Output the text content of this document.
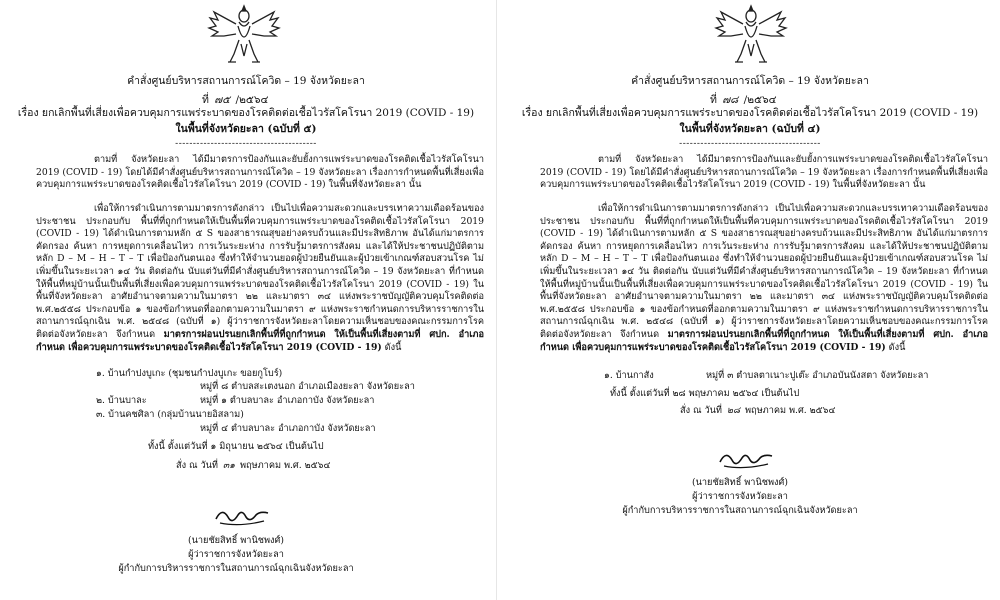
คำสั่งศูนย์บริหารสถานการณ์โควิด – 19 จังหวัดยะลา
ที่ ๗๕ /๒๕๖๔
เรื่อง ยกเลิกพื้นที่เสี่ยงเพื่อควบคุมการแพร่ระบาดของโรคติดต่อเชื้อไวรัสโคโรนา 2019 (COVID - 19)
ในพื้นที่จังหวัดยะลา (ฉบับที่ ๕)
----------------------------------------
ตามที่ จังหวัดยะลา ได้มีมาตรการป้องกันและยับยั้งการแพร่ระบาดของโรคติดเชื้อไวรัสโคโรนา 2019 (COVID - 19) โดยได้มีคำสั่งศูนย์บริหารสถานการณ์โควิด – 19 จังหวัดยะลา เรื่องการกำหนดพื้นที่เสี่ยงเพื่อควบคุมการแพร่ระบาดของโรคติดเชื้อไวรัสโคโรนา 2019 (COVID - 19) ในพื้นที่จังหวัดยะลา นั้น
เพื่อให้การดำเนินการตามมาตรการดังกล่าว เป็นไปเพื่อความสะดวกและบรรเทาความเดือดร้อนของประชาชน ประกอบกับ พื้นที่ที่ถูกกำหนดให้เป็นพื้นที่ควบคุมการแพร่ระบาดของโรคติดเชื้อไวรัสโคโรนา 2019 (COVID - 19) ได้ดำเนินการตามหลัก ๕ S ของสาธารณสุขอย่างครบถ้วนและมีประสิทธิภาพ อันได้แก่มาตรการคัดกรอง ค้นหา การหยุดการเคลื่อนไหว การเว้นระยะห่าง การรับรู้มาตรการสังคม และได้ให้ประชาชนปฏิบัติตามหลัก D – M – H – T – T เพื่อป้องกันตนเอง ซึ่งทำให้จำนวนยอดผู้ป่วยยืนยันและผู้ป่วยเข้าเกณฑ์สอบสวนโรค ไม่เพิ่มขึ้นในระยะเวลา ๑๔ วัน ติดต่อกัน นับแต่วันที่มีคำสั่งศูนย์บริหารสถานการณ์โควิด – 19 จังหวัดยะลา ที่กำหนดให้พื้นที่หมู่บ้านนั้นเป็นพื้นที่เสี่ยงเพื่อควบคุมการแพร่ระบาดของโรคติดเชื้อไวรัสโคโรนา 2019 (COVID - 19) ในพื้นที่จังหวัดยะลา อาศัยอำนาจตามความในมาตรา ๒๒ และมาตรา ๓๔ แห่งพระราชบัญญัติควบคุมโรคติดต่อ พ.ศ.๒๕๕๘ ประกอบข้อ ๑ ของข้อกำหนดที่ออกตามความในมาตรา ๙ แห่งพระราชกำหนดการบริหารราชการในสถานการณ์ฉุกเฉิน พ.ศ. ๒๕๔๘ (ฉบับที่ ๑) ผู้ว่าราชการจังหวัดยะลาโดยความเห็นชอบของคณะกรรมการโรคติดต่อจังหวัดยะลา จึงกำหนด มาตรการผ่อนปรนยกเลิกพื้นที่ที่ถูกกำหนด ให้เป็นพื้นที่เสี่ยงตามที่ ศปก. อำเภอกำหนด เพื่อควบคุมการแพร่ระบาดของโรคติดเชื้อไวรัสโคโรนา 2019 (COVID - 19) ดังนี้
๑. บ้านกำปงบูเกะ (ชุมชนกำปงบูเกะ ขอยกูโบร์)
หมู่ที่ ๘ ตำบลสะเตงนอก อำเภอเมืองยะลา จังหวัดยะลา
๒. บ้านบาละ	หมู่ที่ ๑ ตำบลบาละ อำเภอกาบัง จังหวัดยะลา
๓. บ้านคชศิลา (กลุ่มบ้านนายอิสลาม)
หมู่ที่ ๔ ตำบลบาละ อำเภอกาบัง จังหวัดยะลา
ทั้งนี้ ตั้งแต่วันที่ ๑ มิถุนายน ๒๕๖๔ เป็นต้นไป
สั่ง ณ วันที่ ๓๑ พฤษภาคม พ.ศ. ๒๕๖๔
(นายชัยสิทธิ์ พานิชพงศ์)
ผู้ว่าราชการจังหวัดยะลา
ผู้กำกับการบริหารราชการในสถานการณ์ฉุกเฉินจังหวัดยะลา
คำสั่งศูนย์บริหารสถานการณ์โควิด – 19 จังหวัดยะลา
ที่ ๗๘ /๒๕๖๔
เรื่อง ยกเลิกพื้นที่เสี่ยงเพื่อควบคุมการแพร่ระบาดของโรคติดต่อเชื้อไวรัสโคโรนา 2019 (COVID - 19)
ในพื้นที่จังหวัดยะลา (ฉบับที่ ๔)
----------------------------------------
ตามที่ จังหวัดยะลา ได้มีมาตรการป้องกันและยับยั้งการแพร่ระบาดของโรคติดเชื้อไวรัสโคโรนา 2019 (COVID - 19) โดยได้มีคำสั่งศูนย์บริหารสถานการณ์โควิด – 19 จังหวัดยะลา เรื่องการกำหนดพื้นที่เสี่ยงเพื่อควบคุมการแพร่ระบาดของโรคติดเชื้อไวรัสโคโรนา 2019 (COVID - 19) ในพื้นที่จังหวัดยะลา นั้น
เพื่อให้การดำเนินการตามมาตรการดังกล่าว เป็นไปเพื่อความสะดวกและบรรเทาความเดือดร้อนของประชาชน ประกอบกับ พื้นที่ที่ถูกกำหนดให้เป็นพื้นที่ควบคุมการแพร่ระบาดของโรคติดเชื้อไวรัสโคโรนา 2019 (COVID - 19) ได้ดำเนินการตามหลัก ๕ S ของสาธารณสุขอย่างครบถ้วนและมีประสิทธิภาพ อันได้แก่มาตรการคัดกรอง ค้นหา การหยุดการเคลื่อนไหว การเว้นระยะห่าง การรับรู้มาตรการสังคม และได้ให้ประชาชนปฏิบัติตามหลัก D – M – H – T – T เพื่อป้องกันตนเอง ซึ่งทำให้จำนวนยอดผู้ป่วยยืนยันและผู้ป่วยเข้าเกณฑ์สอบสวนโรค ไม่เพิ่มขึ้นในระยะเวลา ๑๔ วัน ติดต่อกัน นับแต่วันที่มีคำสั่งศูนย์บริหารสถานการณ์โควิด – 19 จังหวัดยะลา ที่กำหนดให้พื้นที่หมู่บ้านนั้นเป็นพื้นที่เสี่ยงเพื่อควบคุมการแพร่ระบาดของโรคติดเชื้อไวรัสโคโรนา 2019 (COVID - 19) ในพื้นที่จังหวัดยะลา อาศัยอำนาจตามความในมาตรา ๒๒ และมาตรา ๓๔ แห่งพระราชบัญญัติควบคุมโรคติดต่อ พ.ศ.๒๕๕๘ ประกอบข้อ ๑ ของข้อกำหนดที่ออกตามความในมาตรา ๙ แห่งพระราชกำหนดการบริหารราชการในสถานการณ์ฉุกเฉิน พ.ศ. ๒๕๔๘ (ฉบับที่ ๑) ผู้ว่าราชการจังหวัดยะลาโดยความเห็นชอบของคณะกรรมการโรคติดต่อจังหวัดยะลา จึงกำหนด มาตรการผ่อนปรนยกเลิกพื้นที่ที่ถูกกำหนด ให้เป็นพื้นที่เสี่ยงตามที่ ศปก. อำเภอกำหนด เพื่อควบคุมการแพร่ระบาดของโรคติดเชื้อไวรัสโคโรนา 2019 (COVID - 19) ดังนี้
๑. บ้านกาสัง	หมู่ที่ ๓ ตำบลตาเนาะปูเต๊ะ อำเภอบันนังสตา จังหวัดยะลา
ทั้งนี้ ตั้งแต่วันที่ ๒๘ พฤษภาคม ๒๕๖๔ เป็นต้นไป
สั่ง ณ วันที่ ๒๘ พฤษภาคม พ.ศ. ๒๕๖๔
(นายชัยสิทธิ์ พานิชพงศ์)
ผู้ว่าราชการจังหวัดยะลา
ผู้กำกับการบริหารราชการในสถานการณ์ฉุกเฉินจังหวัดยะลา
